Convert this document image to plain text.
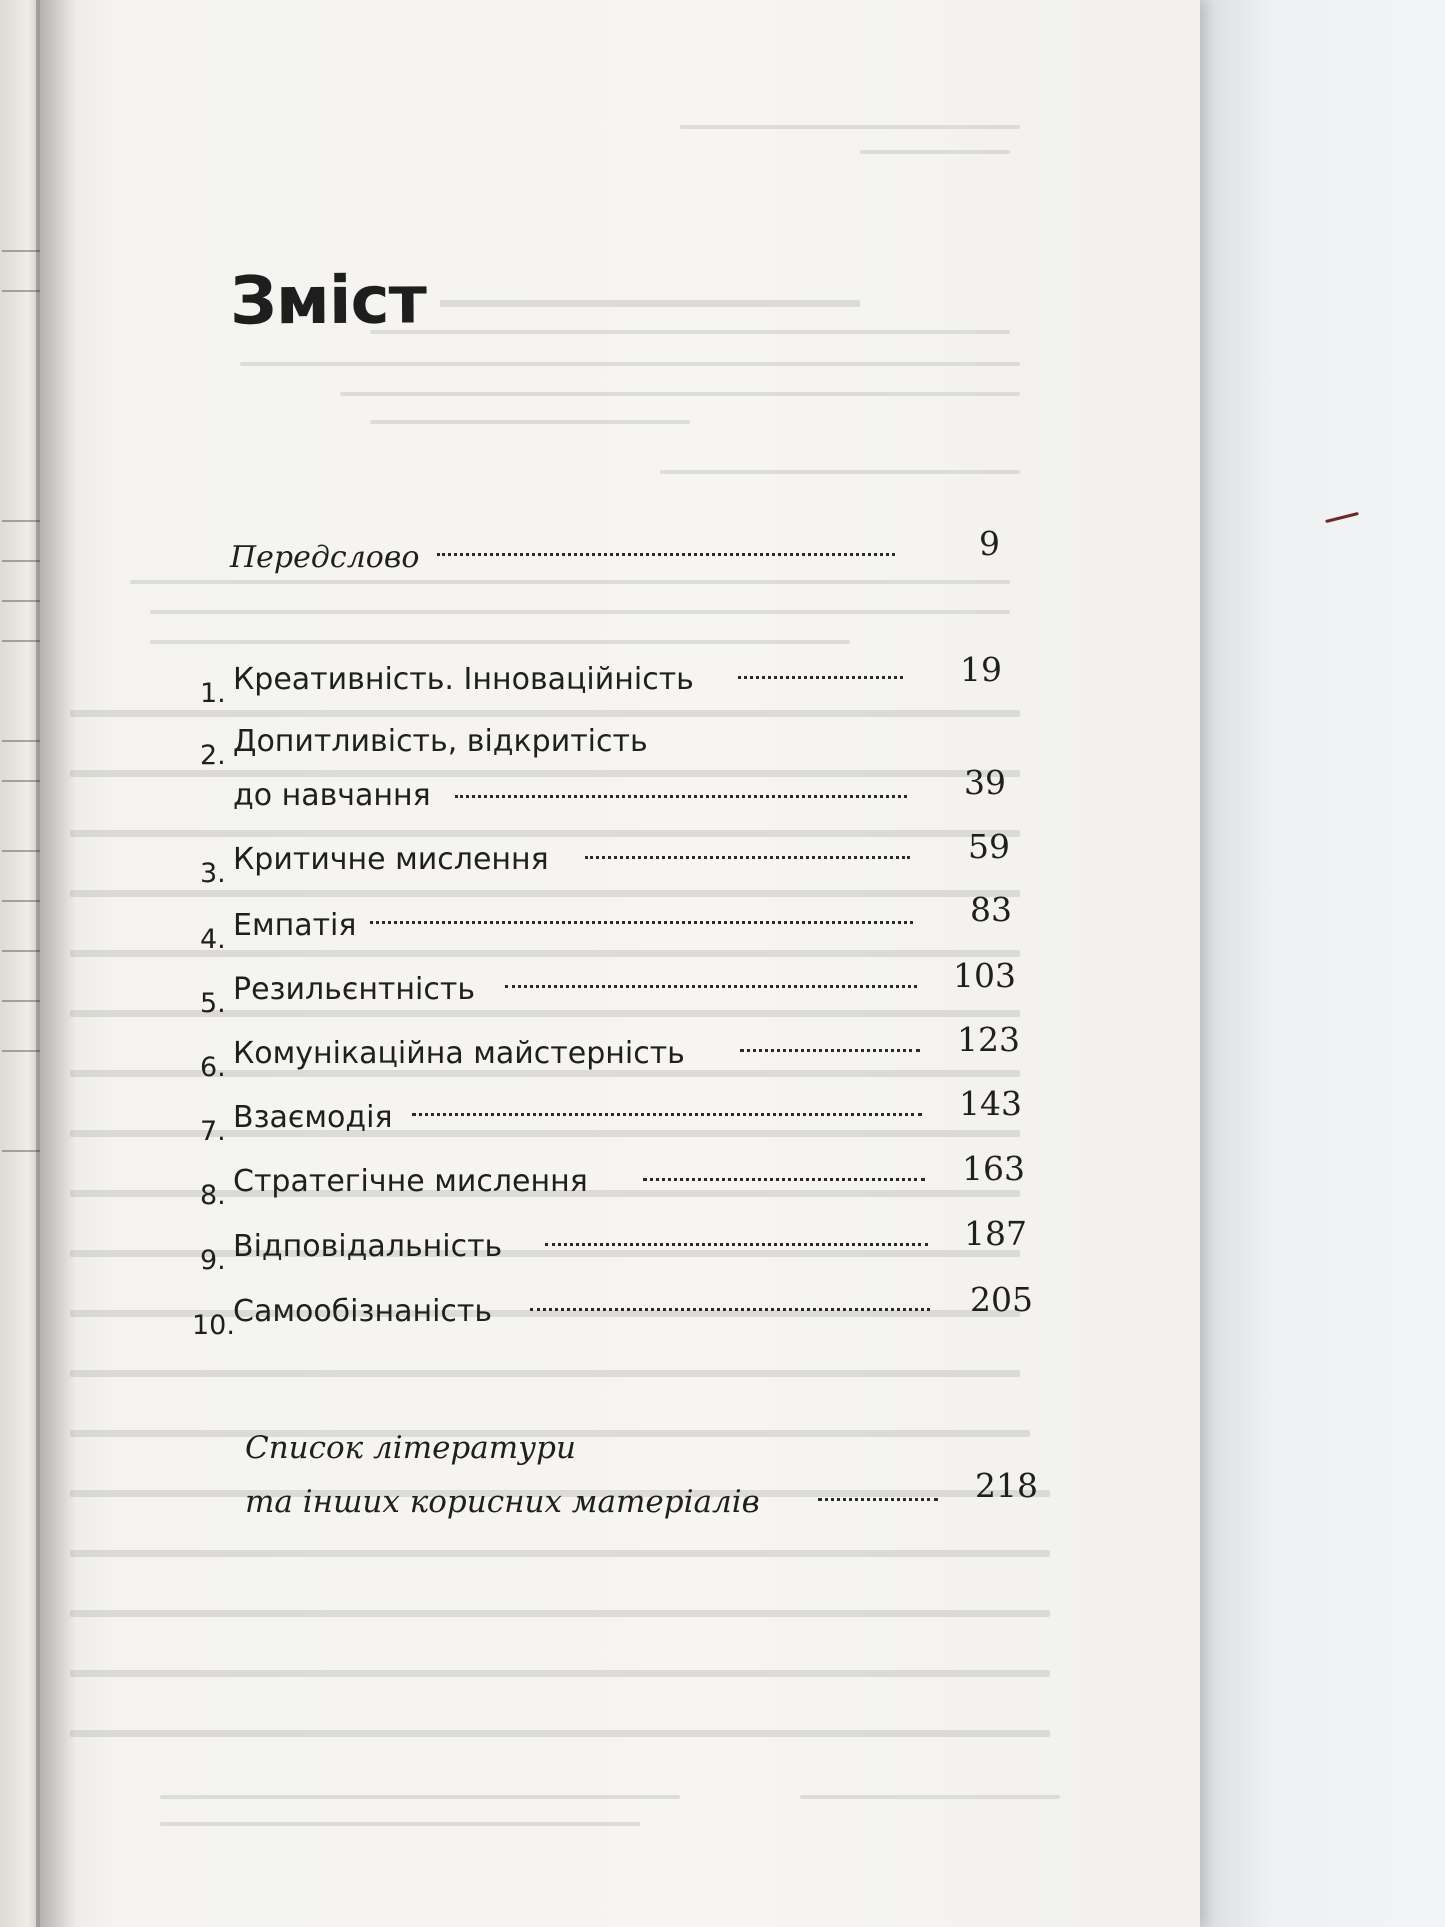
Зміст
Передслово	9
1. Креативність. Інноваційність	19
2. Допитливість, відкритість
до навчання	39
3. Критичне мислення	59
4. Емпатія	83
5. Резильєнтність	103
6. Комунікаційна майстерність	123
7. Взаємодія	143
8. Стратегічне мислення	163
9. Відповідальність	187
10.
Самообізнаність	205
Список літератури
та інших корисних матеріалів	218
